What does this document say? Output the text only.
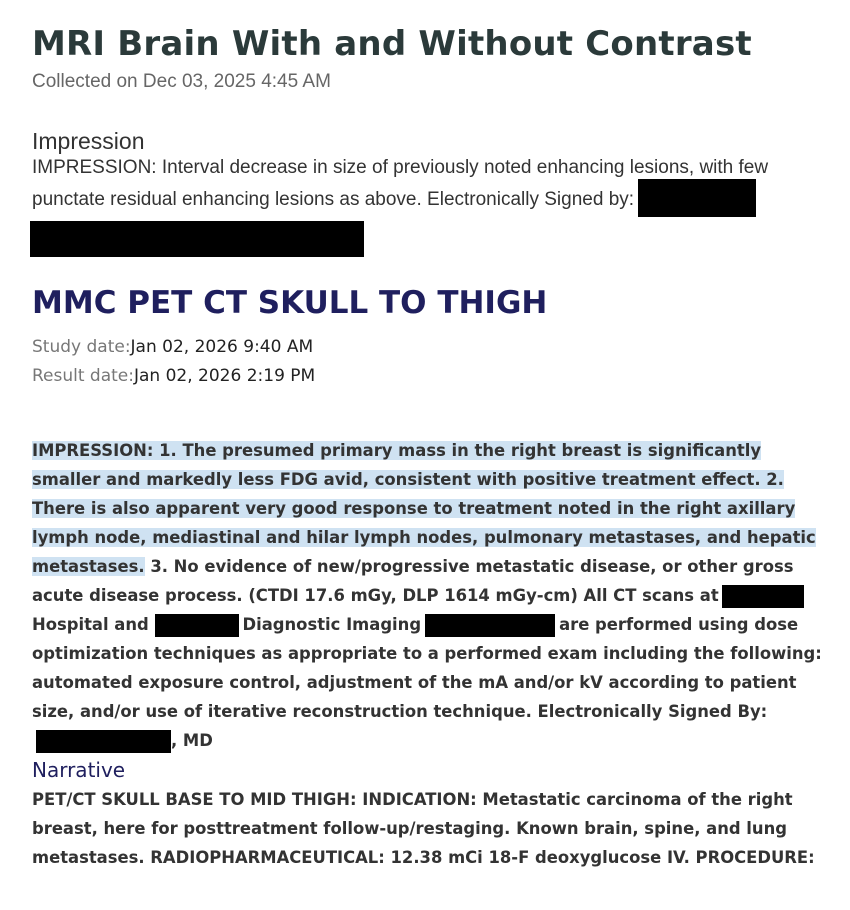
MRI Brain With and Without Contrast
Collected on Dec 03, 2025 4:45 AM
Impression
IMPRESSION: Interval decrease in size of previously noted enhancing lesions, with few punctate residual enhancing lesions as above. Electronically Signed by:

MMC PET CT SKULL TO THIGH
Study date:Jan 02, 2026 9:40 AM
Result date:Jan 02, 2026 2:19 PM
IMPRESSION: 1. The presumed primary mass in the right breast is significantly smaller and markedly less FDG avid, consistent with positive treatment effect. 2. There is also apparent very good response to treatment noted in the right axillary lymph node, mediastinal and hilar lymph nodes, pulmonary metastases, and hepatic metastases. 3. No evidence of new/progressive metastatic disease, or other gross acute disease process. (CTDI 17.6 mGy, DLP 1614 mGy-cm) All CT scans atHospital and	Diagnostic Imaging	are performed using dose optimization techniques as appropriate to a performed exam including the following: automated exposure control, adjustment of the mA and/or kV according to patient size, and/or use of iterative reconstruction technique. Electronically Signed By:, MD
Narrative
PET/CT SKULL BASE TO MID THIGH: INDICATION: Metastatic carcinoma of the right breast, here for posttreatment follow-up/restaging. Known brain, spine, and lung metastases. RADIOPHARMACEUTICAL: 12.38 mCi 18-F deoxyglucose IV. PROCEDURE:
